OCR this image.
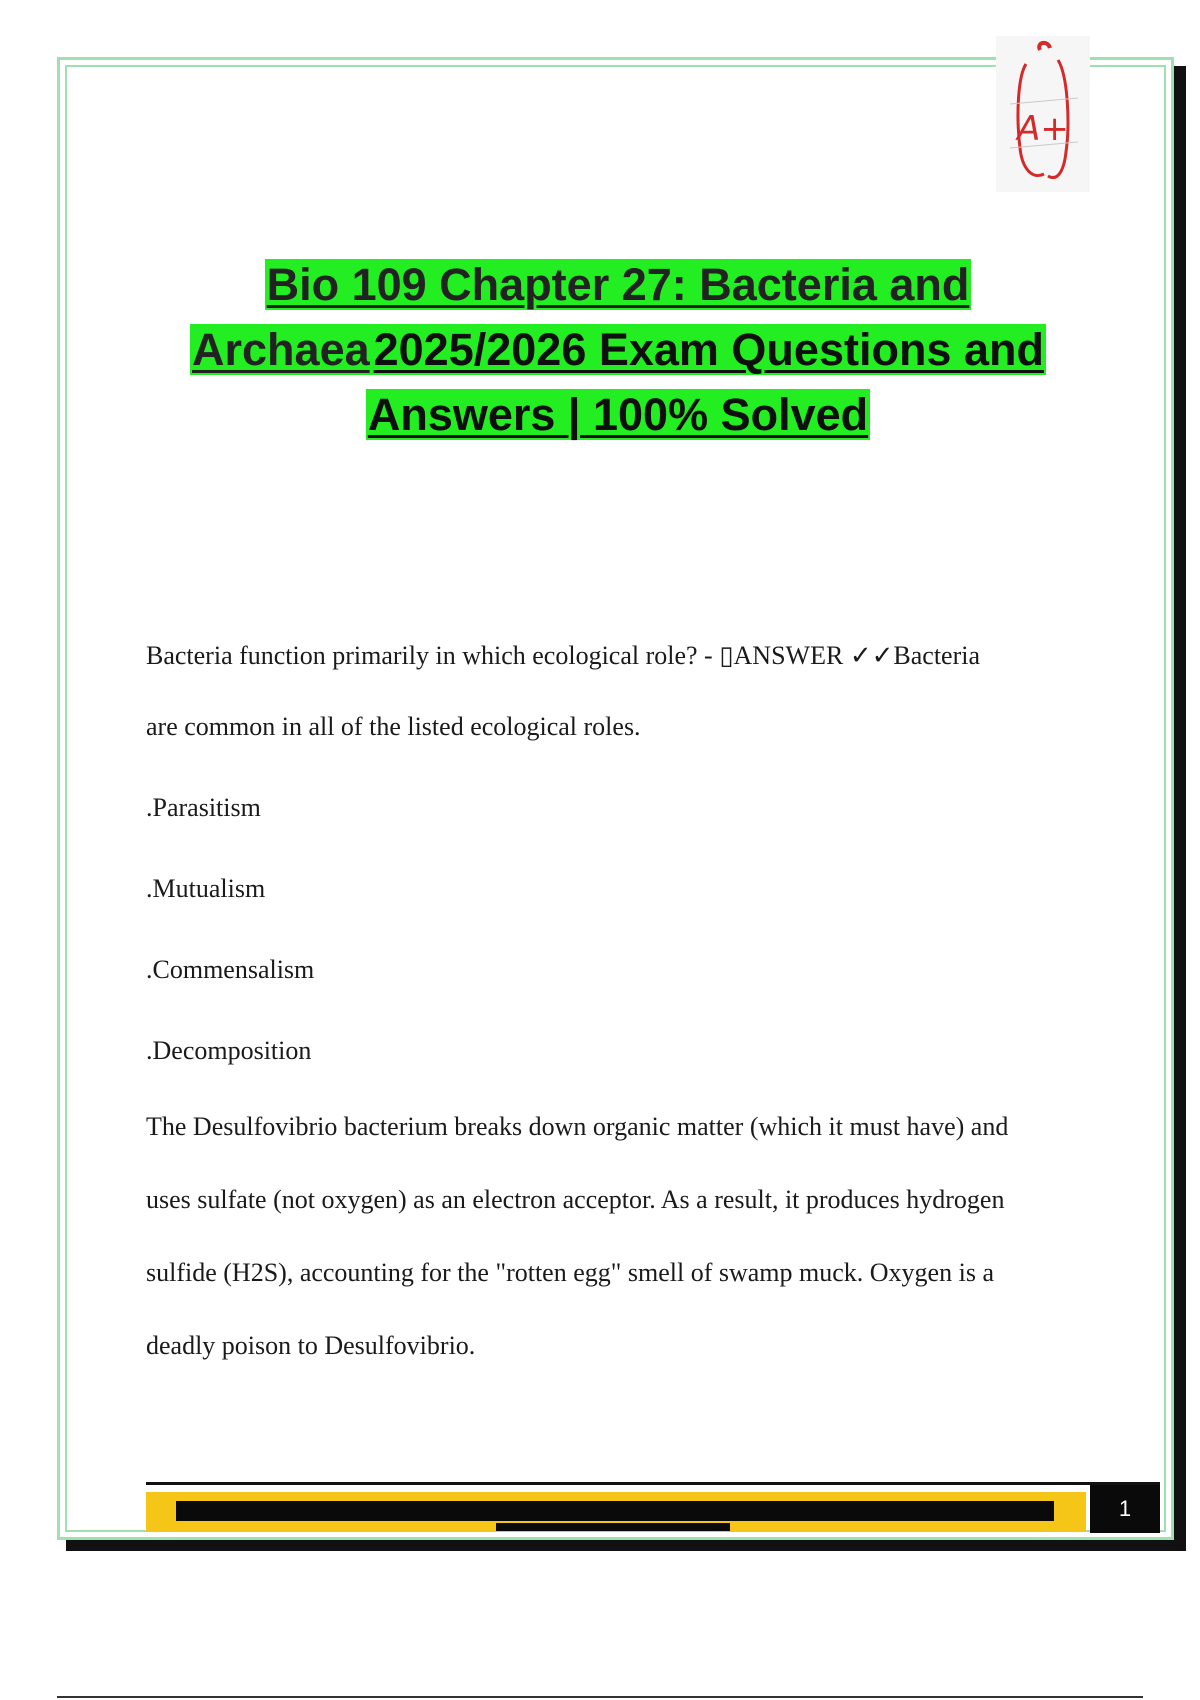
A+
Bio 109 Chapter 27: Bacteria and
Archaea2025/2026 Exam Questions and
Answers | 100% Solved
Bacteria function primarily in which ecological role? - ▯ANSWER ✓✓Bacteria
are common in all of the listed ecological roles.
.Parasitism
.Mutualism
.Commensalism
.Decomposition
The Desulfovibrio bacterium breaks down organic matter (which it must have) and
uses sulfate (not oxygen) as an electron acceptor. As a result, it produces hydrogen
sulfide (H2S), accounting for the "rotten egg" smell of swamp muck. Oxygen is a
deadly poison to Desulfovibrio.
1
